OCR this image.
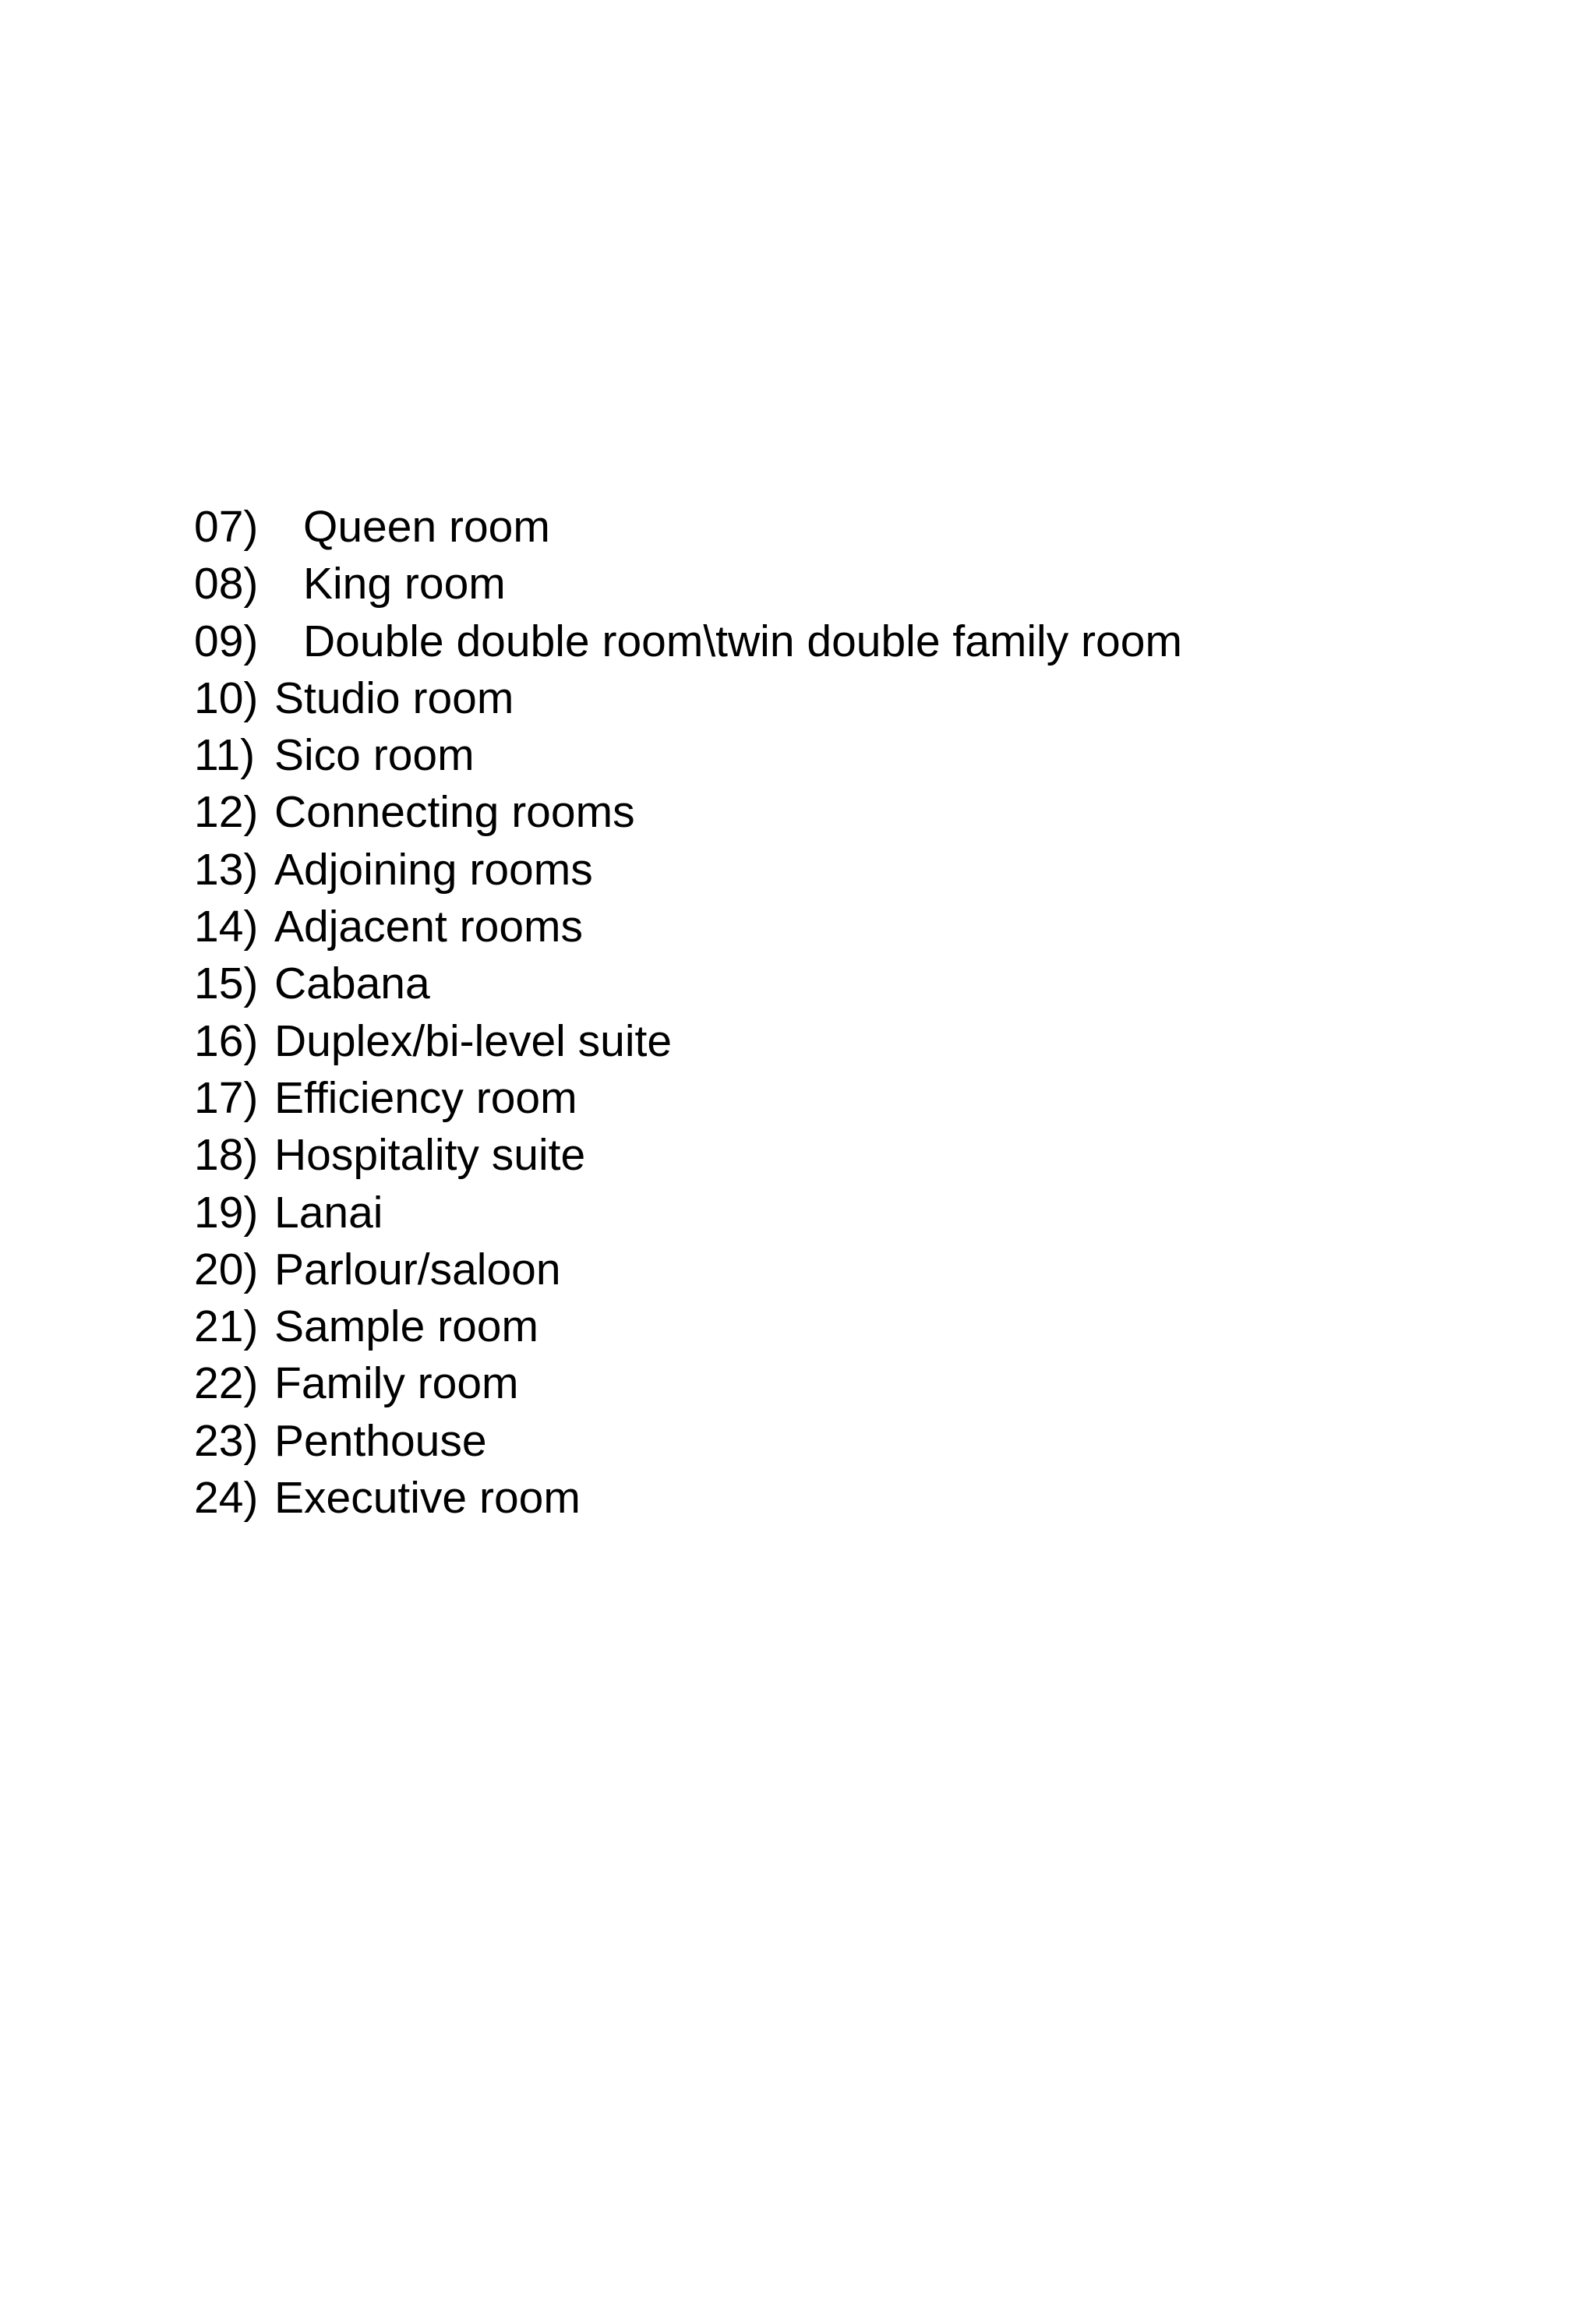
07)	Queen room
08)	King room
09)	Double double room\twin double family room
10) Studio room
11) Sico room
12) Connecting rooms
13) Adjoining rooms
14) Adjacent rooms
15) Cabana
16) Duplex/bi-level suite
17) Efficiency room
18) Hospitality suite
19) Lanai
20) Parlour/saloon
21) Sample room
22) Family room
23) Penthouse
24) Executive room
